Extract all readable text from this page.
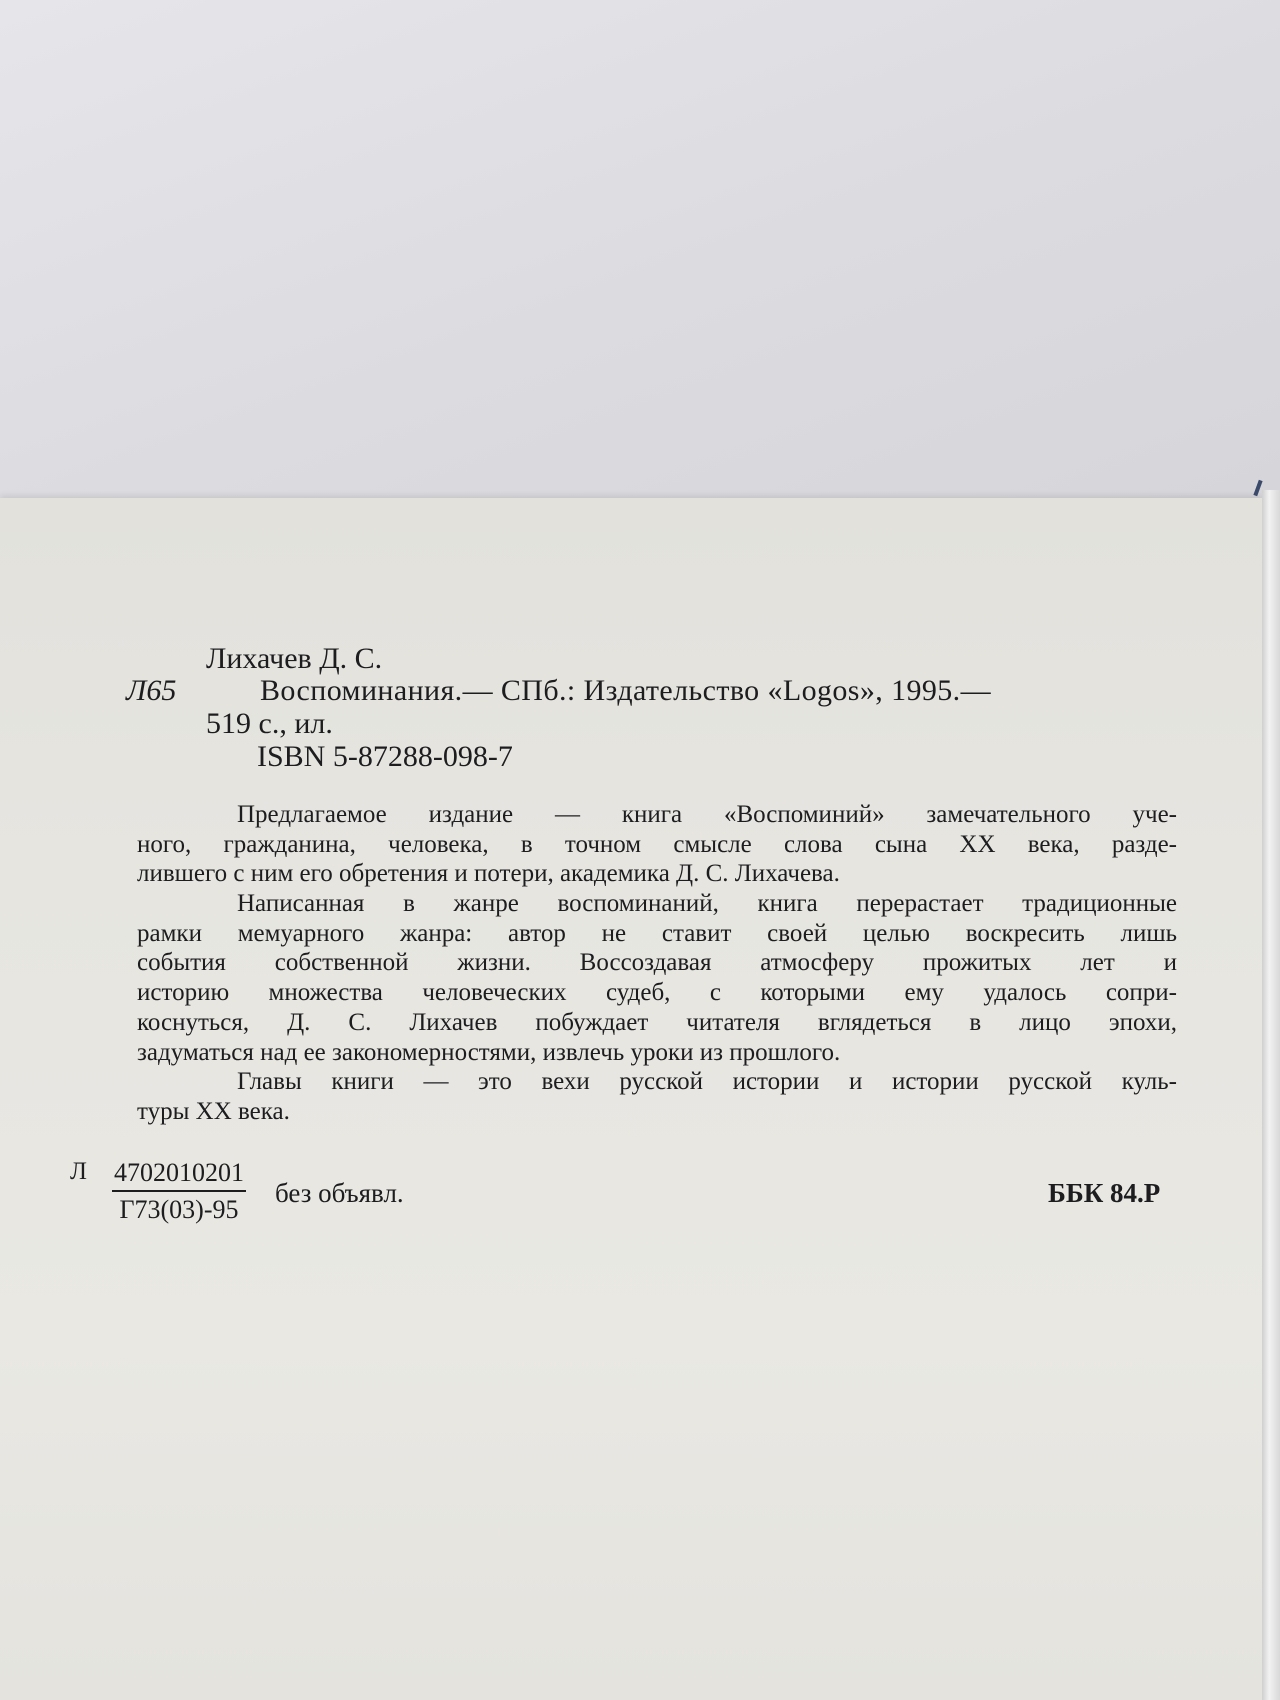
Лихачев Д. С.
Л65	Воспоминания.— СПб.: Издательство «Logos», 1995.—
519 с., ил.
ISBN 5-87288-098-7

Предлагаемое издание — книга «Воспоминий» замечательного уче-

ного, гражданина, человека, в точном смысле слова сына XX века, разде-

лившего с ним его обретения и потери, академика Д. С. Лихачева.

Написанная в жанре воспоминаний, книга перерастает традиционные

рамки мемуарного жанра: автор не ставит своей целью воскресить лишь

события собственной жизни. Воссоздавая атмосферу прожитых лет и

историю множества человеческих судеб, с которыми ему удалось сопри-

коснуться, Д. С. Лихачев побуждает читателя вглядеться в лицо эпохи,

задуматься над ее закономерностями, извлечь уроки из прошлого.

Главы книги — это вехи русской истории и истории русской куль-

туры XX века.

Л 4702010201
Г73(03)-95
без объявл.	ББК 84.Р
